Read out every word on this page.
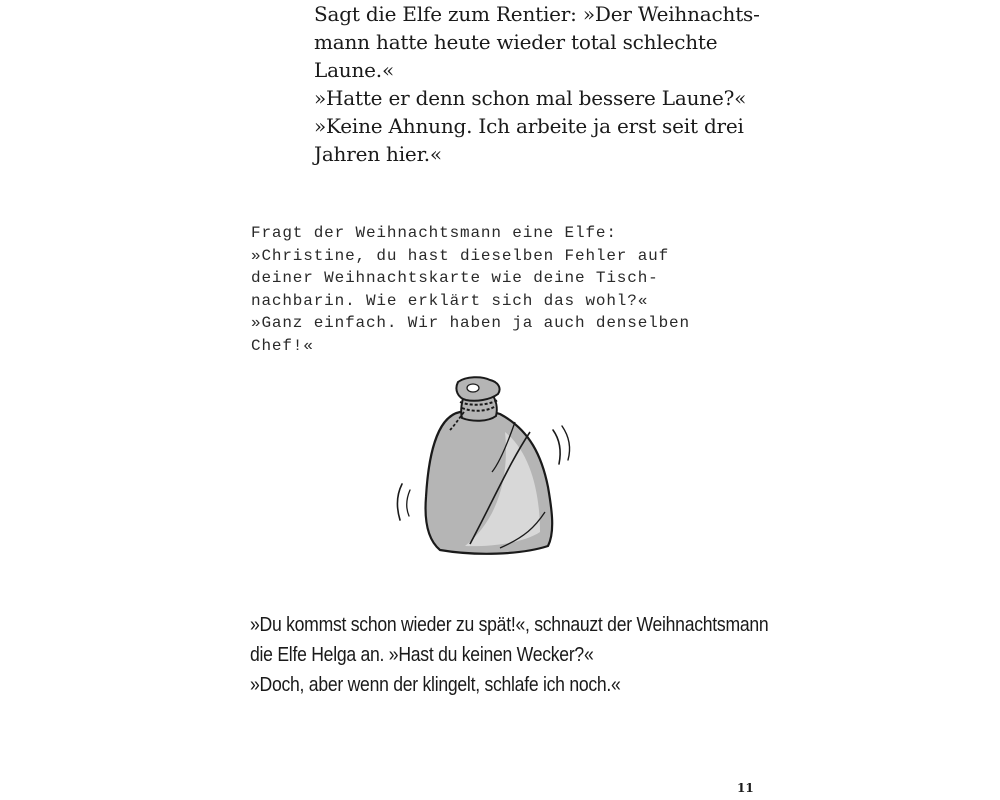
Sagt die Elfe zum Rentier: »Der Weihnachts-
mann hatte heute wieder total schlechte
Laune.«
»Hatte er denn schon mal bessere Laune?«
»Keine Ahnung. Ich arbeite ja erst seit drei
Jahren hier.«
Fragt der Weihnachtsmann eine Elfe:
»Christine, du hast dieselben Fehler auf
deiner Weihnachtskarte wie deine Tisch-
nachbarin. Wie erklärt sich das wohl?«
»Ganz einfach. Wir haben ja auch denselben
Chef!«
»Du kommst schon wieder zu spät!«, schnauzt der Weihnachtsmann
die Elfe Helga an. »Hast du keinen Wecker?«
»Doch, aber wenn der klingelt, schlafe ich noch.«
11
